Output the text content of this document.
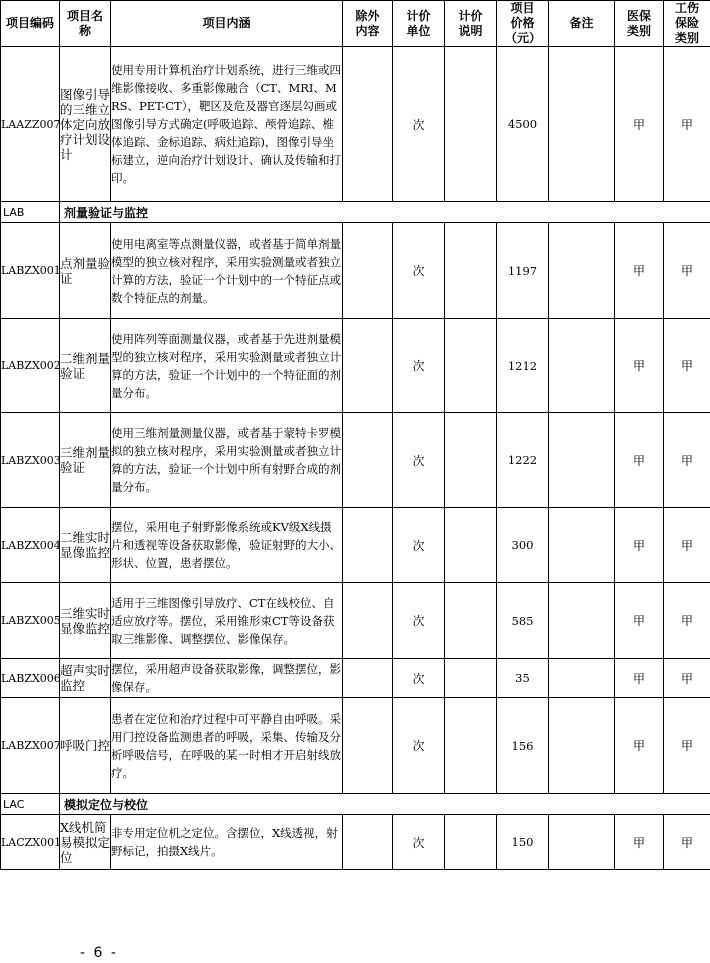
项目编码	项目名称	项目内涵	除外内容	计价单位	计价说明	项目价格（元）	备注	医保类别	工伤保险类别
LAAZZ007	图像引导的三维立体定向放疗计划设计	使用专用计算机治疗计划系统，进行三维或四维影像接收、多重影像融合（CT、MRI、MRS、PET-CT），靶区及危及器官逐层勾画或图像引导方式确定(呼吸追踪、颅骨追踪、椎体追踪、金标追踪、病灶追踪)，图像引导坐标建立，逆向治疗计划设计、确认及传输和打印。		次		4500		甲	甲
LAB	剂量验证与监控								
LABZX001	点剂量验证	使用电离室等点测量仪器，或者基于简单剂量模型的独立核对程序，采用实验测量或者独立计算的方法，验证一个计划中的一个特征点或数个特征点的剂量。		次		1197		甲	甲
LABZX002	二维剂量验证	使用阵列等面测量仪器，或者基于先进剂量模型的独立核对程序，采用实验测量或者独立计算的方法，验证一个计划中的一个特征面的剂量分布。		次		1212		甲	甲
LABZX003	三维剂量验证	使用三维剂量测量仪器，或者基于蒙特卡罗模拟的独立核对程序，采用实验测量或者独立计算的方法，验证一个计划中所有射野合成的剂量分布。		次		1222		甲	甲
LABZX004	二维实时显像监控	摆位，采用电子射野影像系统或KV级X线摄片和透视等设备获取影像，验证射野的大小、形状、位置，患者摆位。		次		300		甲	甲
LABZX005	三维实时显像监控	适用于三维图像引导放疗、CT在线校位、自适应放疗等。摆位，采用锥形束CT等设备获取三维影像、调整摆位、影像保存。		次		585		甲	甲
LABZX006	超声实时监控	摆位，采用超声设备获取影像，调整摆位，影像保存。		次		35		甲	甲
LABZX007	呼吸门控	患者在定位和治疗过程中可平静自由呼吸。采用门控设备监测患者的呼吸，采集、传输及分析呼吸信号，在呼吸的某一时相才开启射线放疗。		次		156		甲	甲
LAC	模拟定位与校位								
LACZX001	X线机简易模拟定位	非专用定位机之定位。含摆位，X线透视，射野标记，拍摄X线片。		次		150		甲	甲
- 6 -
